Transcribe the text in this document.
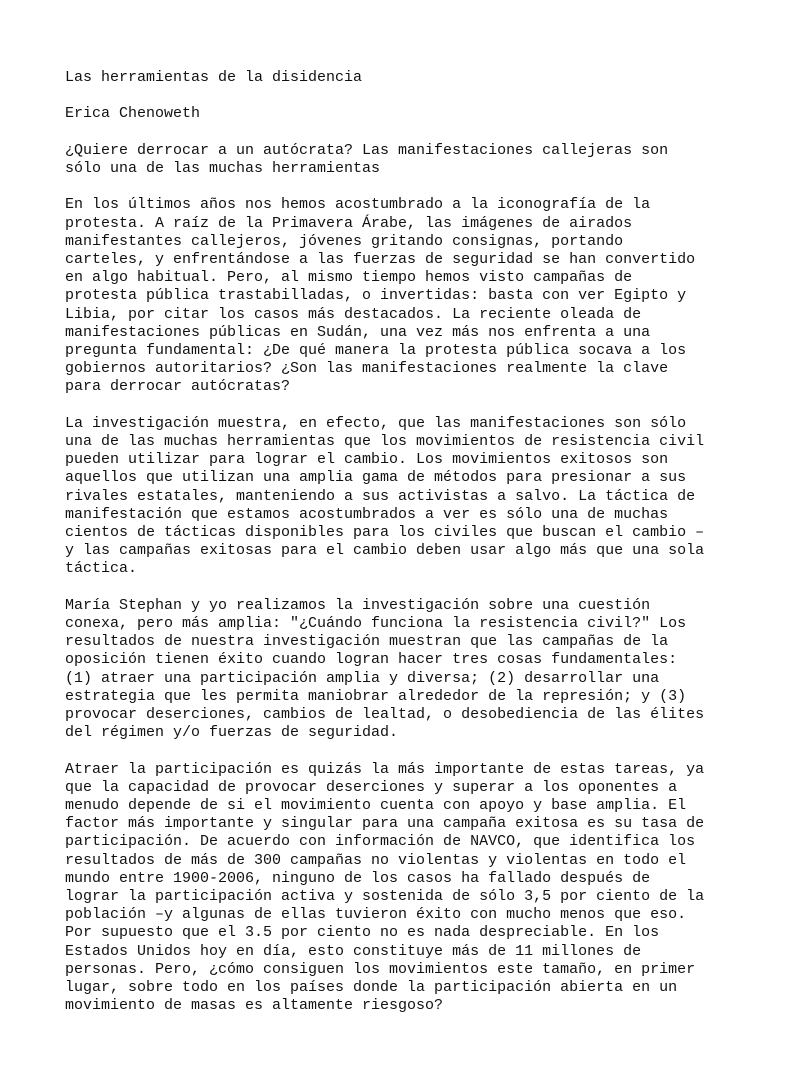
Las herramientas de la disidencia

Erica Chenoweth

¿Quiere derrocar a un autócrata? Las manifestaciones callejeras son
sólo una de las muchas herramientas

En los últimos años nos hemos acostumbrado a la iconografía de la
protesta. A raíz de la Primavera Árabe, las imágenes de airados
manifestantes callejeros, jóvenes gritando consignas, portando
carteles, y enfrentándose a las fuerzas de seguridad se han convertido
en algo habitual. Pero, al mismo tiempo hemos visto campañas de
protesta pública trastabilladas, o invertidas: basta con ver Egipto y
Libia, por citar los casos más destacados. La reciente oleada de
manifestaciones públicas en Sudán, una vez más nos enfrenta a una
pregunta fundamental: ¿De qué manera la protesta pública socava a los
gobiernos autoritarios? ¿Son las manifestaciones realmente la clave
para derrocar autócratas?

La investigación muestra, en efecto, que las manifestaciones son sólo
una de las muchas herramientas que los movimientos de resistencia civil
pueden utilizar para lograr el cambio. Los movimientos exitosos son
aquellos que utilizan una amplia gama de métodos para presionar a sus
rivales estatales, manteniendo a sus activistas a salvo. La táctica de
manifestación que estamos acostumbrados a ver es sólo una de muchas
cientos de tácticas disponibles para los civiles que buscan el cambio –
y las campañas exitosas para el cambio deben usar algo más que una sola
táctica.

María Stephan y yo realizamos la investigación sobre una cuestión
conexa, pero más amplia: "¿Cuándo funciona la resistencia civil?" Los
resultados de nuestra investigación muestran que las campañas de la
oposición tienen éxito cuando logran hacer tres cosas fundamentales:
(1) atraer una participación amplia y diversa; (2) desarrollar una
estrategia que les permita maniobrar alrededor de la represión; y (3)
provocar deserciones, cambios de lealtad, o desobediencia de las élites
del régimen y/o fuerzas de seguridad.

Atraer la participación es quizás la más importante de estas tareas, ya
que la capacidad de provocar deserciones y superar a los oponentes a
menudo depende de si el movimiento cuenta con apoyo y base amplia. El
factor más importante y singular para una campaña exitosa es su tasa de
participación. De acuerdo con información de NAVCO, que identifica los
resultados de más de 300 campañas no violentas y violentas en todo el
mundo entre 1900-2006, ninguno de los casos ha fallado después de
lograr la participación activa y sostenida de sólo 3,5 por ciento de la
población –y algunas de ellas tuvieron éxito con mucho menos que eso.
Por supuesto que el 3.5 por ciento no es nada despreciable. En los
Estados Unidos hoy en día, esto constituye más de 11 millones de
personas. Pero, ¿cómo consiguen los movimientos este tamaño, en primer
lugar, sobre todo en los países donde la participación abierta en un
movimiento de masas es altamente riesgoso?
